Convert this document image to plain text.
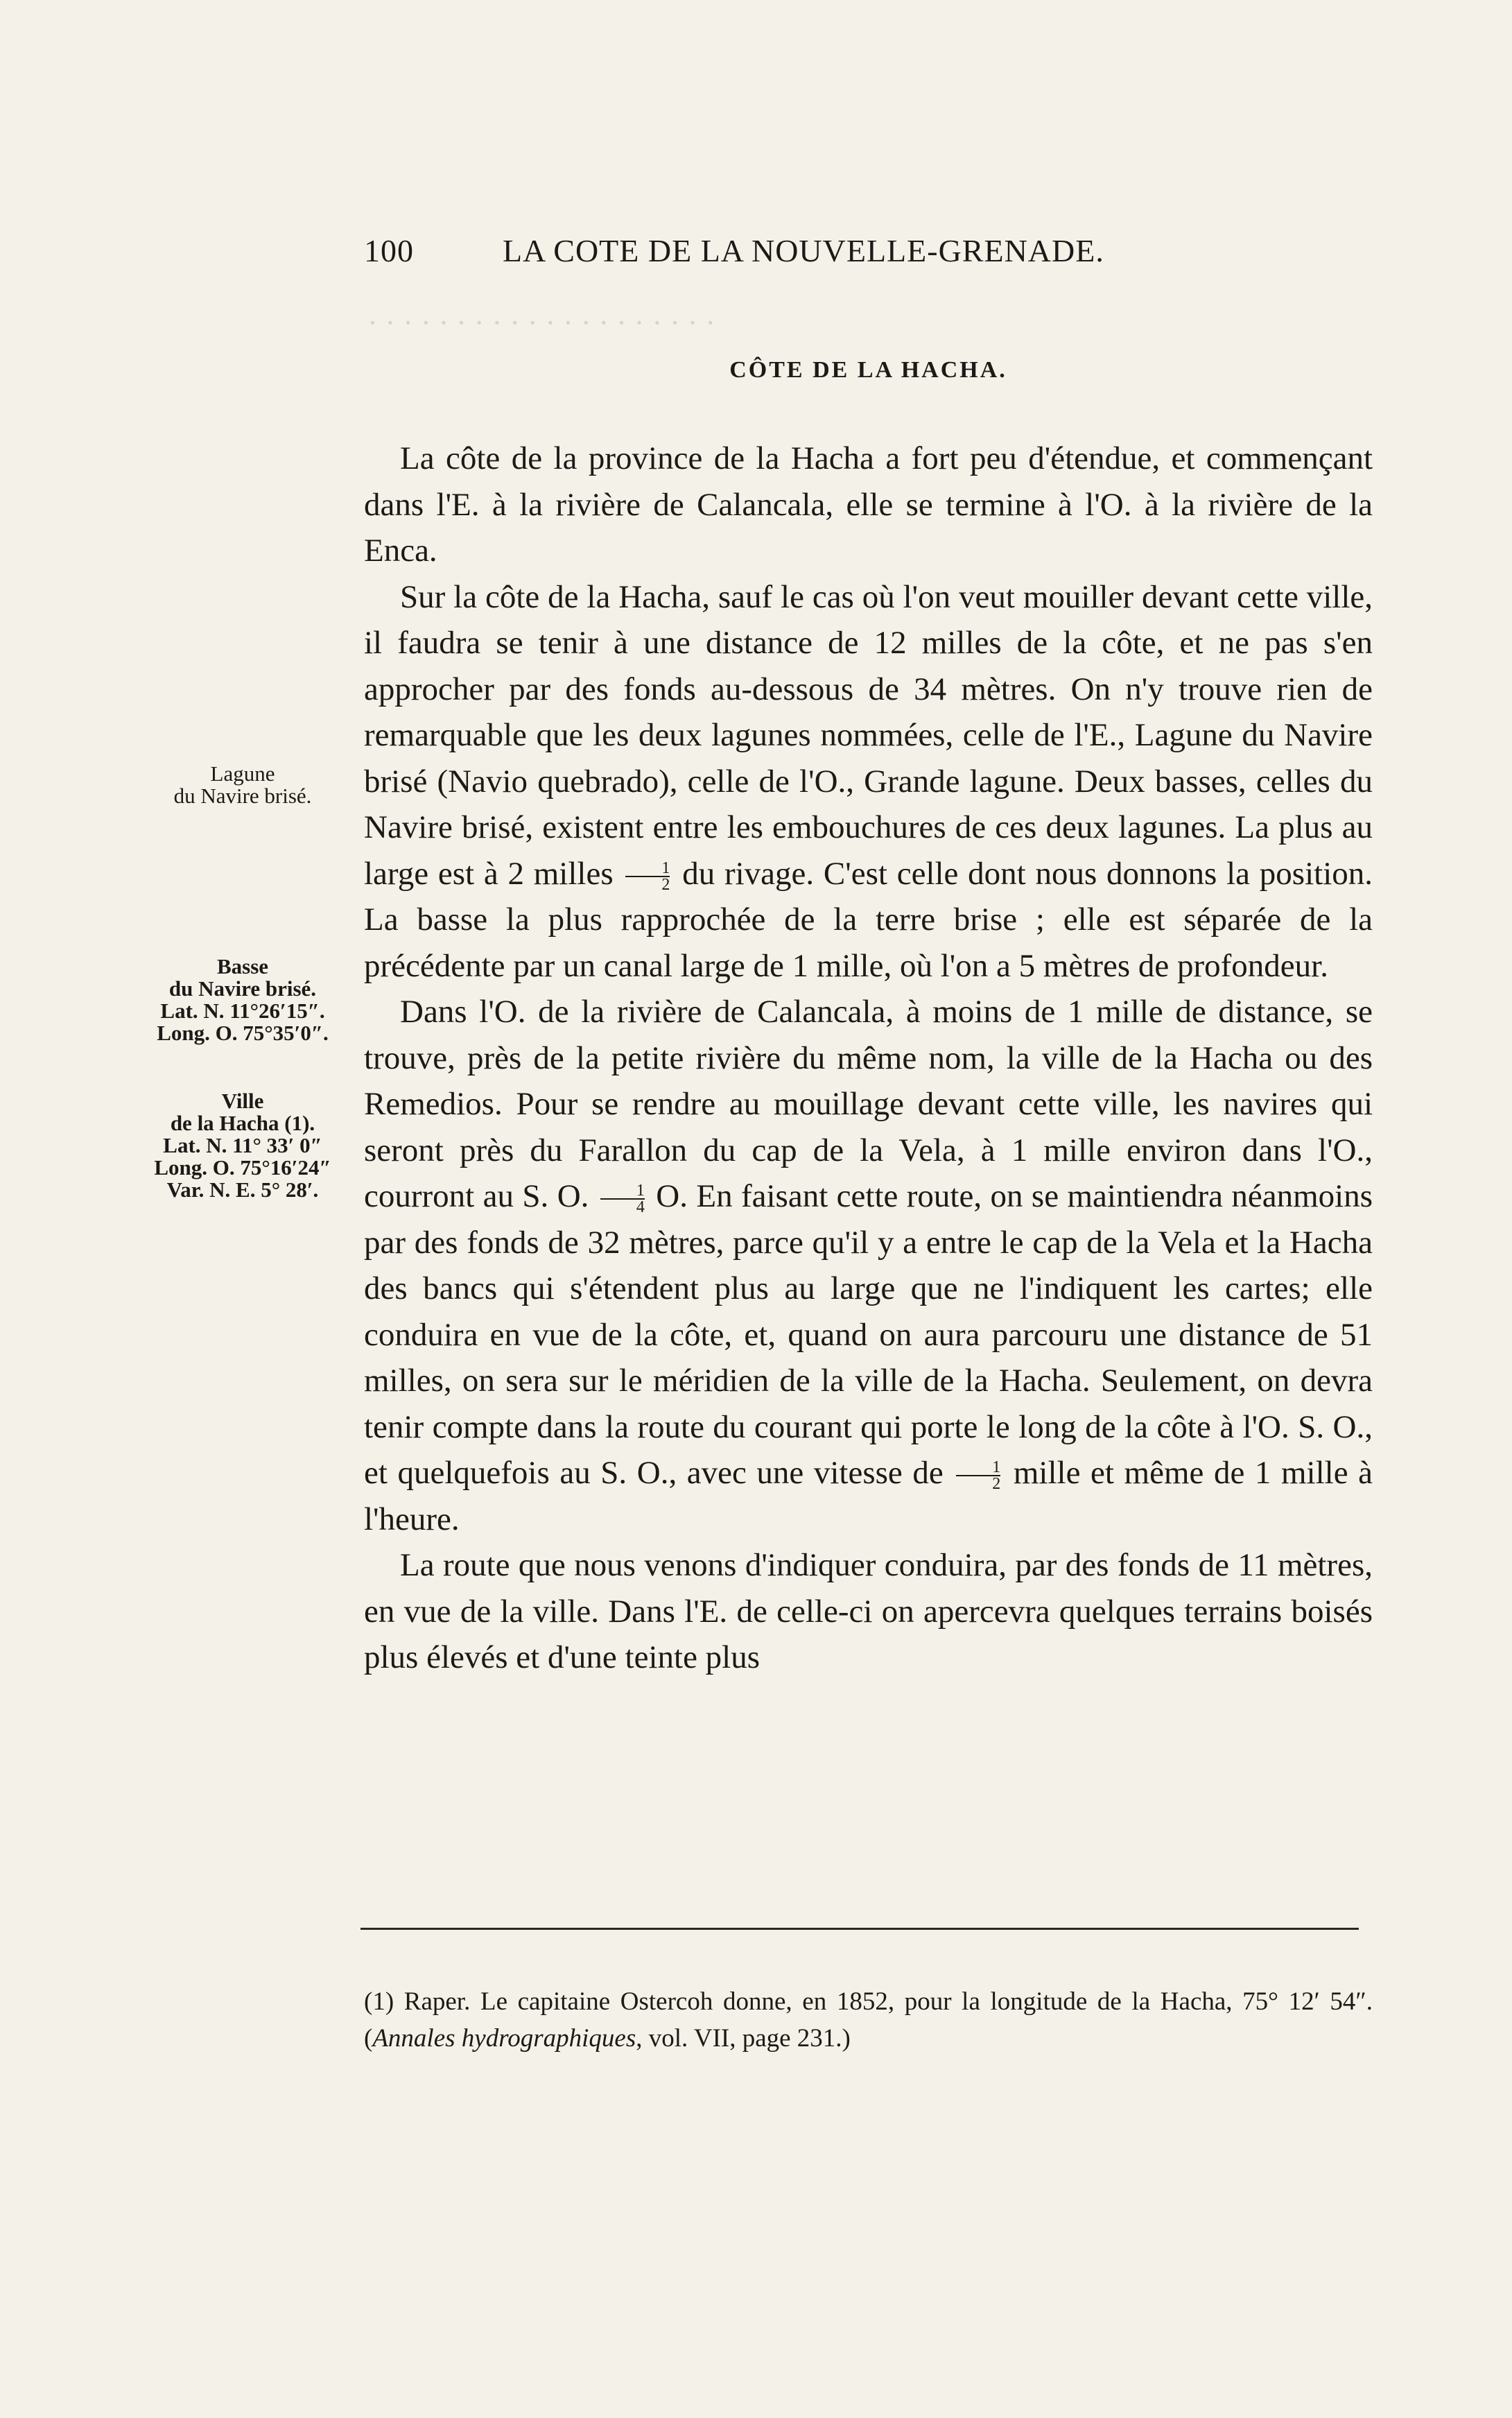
· · · · · · · · · · · · · · · · · · · ·
100	LA COTE DE LA NOUVELLE-GRENADE.
CÔTE DE LA HACHA.
Lagune
du Navire brisé.
Basse
du Navire brisé.
Lat. N. 11°26′15″.
Long. O. 75°35′0″.
Ville
de la Hacha (1).
Lat. N. 11° 33′ 0″
Long. O. 75°16′24″
Var. N. E. 5° 28′.

La côte de la province de la Hacha a fort peu d'étendue, et commençant dans l'E. à la rivière de Calancala, elle se termine à l'O. à la rivière de la Enca.

Sur la côte de la Hacha, sauf le cas où l'on veut mouiller devant cette ville, il faudra se tenir à une distance de 12 milles de la côte, et ne pas s'en approcher par des fonds au-dessous de 34 mètres. On n'y trouve rien de remarquable que les deux lagunes nommées, celle de l'E., Lagune du Navire brisé (Navio quebrado), celle de l'O., Grande lagune. Deux basses, celles du Navire brisé, existent entre les embouchures de ces deux lagunes. La plus au large est à 2 milles $\frac{1}{2}$ du rivage. C'est celle dont nous donnons la position. La basse la plus rapprochée de la terre brise ; elle est séparée de la précédente par un canal large de 1 mille, où l'on a 5 mètres de profondeur.

Dans l'O. de la rivière de Calancala, à moins de 1 mille de distance, se trouve, près de la petite rivière du même nom, la ville de la Hacha ou des Remedios. Pour se rendre au mouillage devant cette ville, les navires qui seront près du Farallon du cap de la Vela, à 1 mille environ dans l'O., courront au S. O. $\frac{1}{4} O$. En faisant cette route, on se maintiendra néanmoins par des fonds de 32 mètres, parce qu'il y a entre le cap de la Vela et la Hacha des bancs qui s'étendent plus au large que ne l'indiquent les cartes; elle conduira en vue de la côte, et, quand on aura parcouru une distance de 51 milles, on sera sur le méridien de la ville de la Hacha. Seulement, on devra tenir compte dans la route du courant qui porte le long de la côte à l'O. S. O., et quelquefois au S. O., avec une vitesse de $\frac{1}{2}$ mille et même de 1 mille à l'heure.

La route que nous venons d'indiquer conduira, par des fonds de 11 mètres, en vue de la ville. Dans l'E. de celle-ci on apercevra quelques terrains boisés plus élevés et d'une teinte plus

(1) Raper. Le capitaine Ostercoh donne, en 1852, pour la longitude de la Hacha, 75° 12′ 54″. (Annales hydrographiques, vol. VII, page 231.)
